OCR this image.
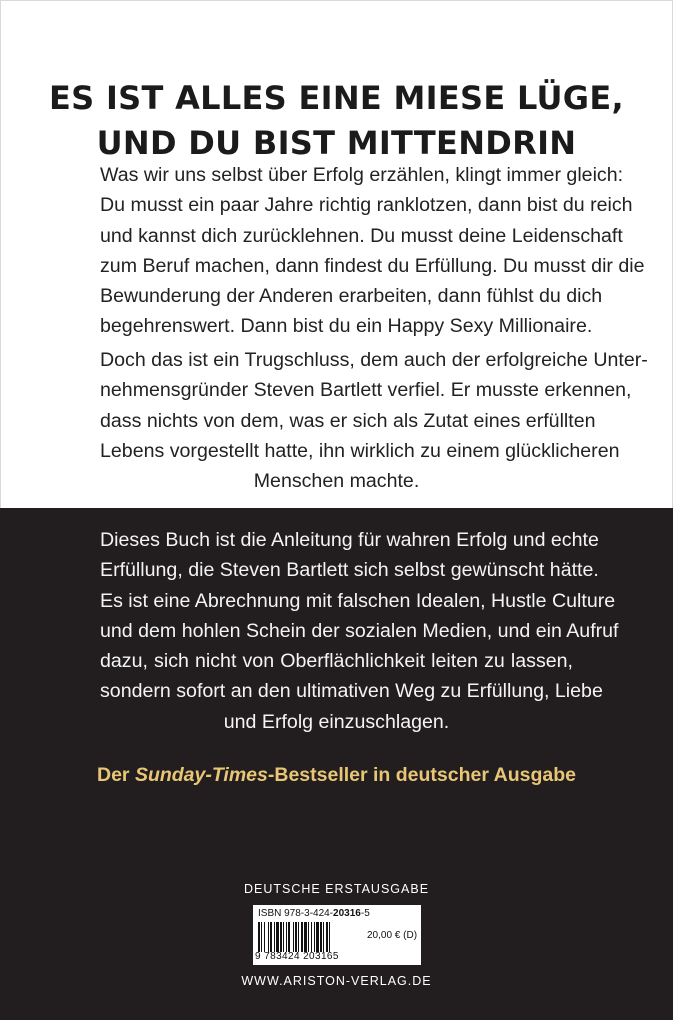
ES IST ALLES EINE MIESE LÜGE,
UND DU BIST MITTENDRIN
Was wir uns selbst über Erfolg erzählen, klingt immer gleich:
Du musst ein paar Jahre richtig ranklotzen, dann bist du reich
und kannst dich zurücklehnen. Du musst deine Leidenschaft
zum Beruf machen, dann findest du Erfüllung. Du musst dir die
Bewunderung der Anderen erarbeiten, dann fühlst du dich
begehrenswert. Dann bist du ein Happy Sexy Millionaire.
Doch das ist ein Trugschluss, dem auch der erfolgreiche Unter-
nehmensgründer Steven Bartlett verfiel. Er musste erkennen,
dass nichts von dem, was er sich als Zutat eines erfüllten
Lebens vorgestellt hatte, ihn wirklich zu einem glücklicheren
Menschen machte.
Dieses Buch ist die Anleitung für wahren Erfolg und echte
Erfüllung, die Steven Bartlett sich selbst gewünscht hätte.
Es ist eine Abrechnung mit falschen Idealen, Hustle Culture
und dem hohlen Schein der sozialen Medien, und ein Aufruf
dazu, sich nicht von Oberflächlichkeit leiten zu lassen,
sondern sofort an den ultimativen Weg zu Erfüllung, Liebe
und Erfolg einzuschlagen.
Der Sunday-Times-Bestseller in deutscher Ausgabe
DEUTSCHE ERSTAUSGABE
ISBN 978-3-424-20316-5
9 783424 203165
20,00 € (D)
WWW.ARISTON-VERLAG.DE
